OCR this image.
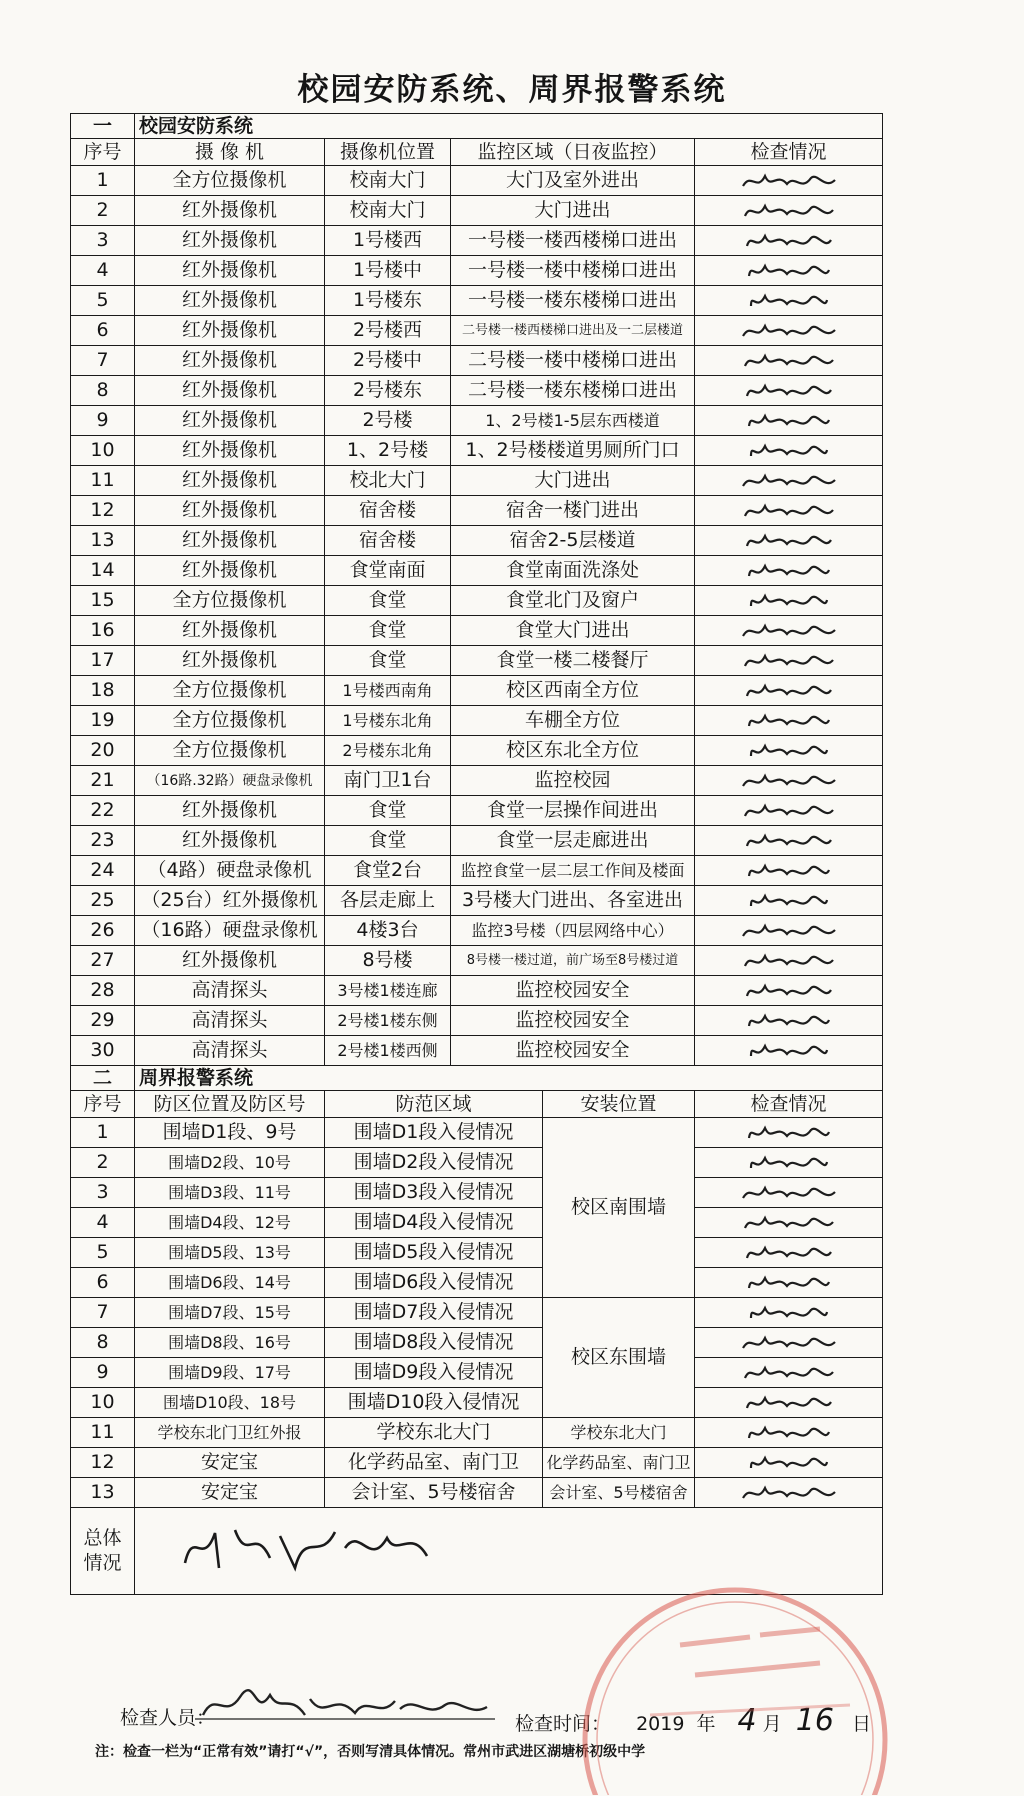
校园安防系统、周界报警系统
一	校园安防系统				
序号	摄 像 机	摄像机位置	监控区域（日夜监控）		检查情况
1	全方位摄像机	校南大门	大门及室外进出	

2	红外摄像机	校南大门	大门进出	

3	红外摄像机	1号楼西	一号楼一楼西楼梯口进出	

4	红外摄像机	1号楼中	一号楼一楼中楼梯口进出	

5	红外摄像机	1号楼东	一号楼一楼东楼梯口进出	

6	红外摄像机	2号楼西	二号楼一楼西楼梯口进出及一二层楼道	

7	红外摄像机	2号楼中	二号楼一楼中楼梯口进出	

8	红外摄像机	2号楼东	二号楼一楼东楼梯口进出	

9	红外摄像机	2号楼	1、2号楼1-5层东西楼道	

10	红外摄像机	1、2号楼	1、2号楼楼道男厕所门口	

11	红外摄像机	校北大门	大门进出	

12	红外摄像机	宿舍楼	宿舍一楼门进出	

13	红外摄像机	宿舍楼	宿舍2-5层楼道	

14	红外摄像机	食堂南面	食堂南面洗涤处	

15	全方位摄像机	食堂	食堂北门及窗户	

16	红外摄像机	食堂	食堂大门进出	

17	红外摄像机	食堂	食堂一楼二楼餐厅	

18	全方位摄像机	1号楼西南角	校区西南全方位	

19	全方位摄像机	1号楼东北角	车棚全方位	

20	全方位摄像机	2号楼东北角	校区东北全方位	

21	（16路.32路）硬盘录像机	南门卫1台	监控校园	

22	红外摄像机	食堂	食堂一层操作间进出	

23	红外摄像机	食堂	食堂一层走廊进出	

24	（4路）硬盘录像机	食堂2台	监控食堂一层二层工作间及楼面	

25	（25台）红外摄像机	各层走廊上	3号楼大门进出、各室进出	

26	（16路）硬盘录像机	4楼3台	监控3号楼（四层网络中心）	

27	红外摄像机	8号楼	8号楼一楼过道，前广场至8号楼过道	

28	高清探头	3号楼1楼连廊	监控校园安全	

29	高清探头	2号楼1楼东侧	监控校园安全	

30	高清探头	2号楼1楼西侧	监控校园安全	

二	周界报警系统				
序号	防区位置及防区号	防范区域		安装位置	检查情况
1	围墙D1段、9号	围墙D1段入侵情况		校区南围墙	

2	围墙D2段、10号	围墙D2段入侵情况	

3	围墙D3段、11号	围墙D3段入侵情况	

4	围墙D4段、12号	围墙D4段入侵情况	

5	围墙D5段、13号	围墙D5段入侵情况	

6	围墙D6段、14号	围墙D6段入侵情况	

7	围墙D7段、15号	围墙D7段入侵情况		校区东围墙	

8	围墙D8段、16号	围墙D8段入侵情况	

9	围墙D9段、17号	围墙D9段入侵情况	

10	围墙D10段、18号	围墙D10段入侵情况	

11	学校东北门卫红外报	学校东北大门		学校东北大门	

12	安定宝	化学药品室、南门卫		化学药品室、南门卫	

13	安定宝	会计室、5号楼宿舍		会计室、5号楼宿舍	

总体
情况	
检查人员：	检查时间： 2019 年 4 月 16 日
注：检查一栏为“正常有效”请打“√”，否则写清具体情况。常州市武进区湖塘桥初级中学
